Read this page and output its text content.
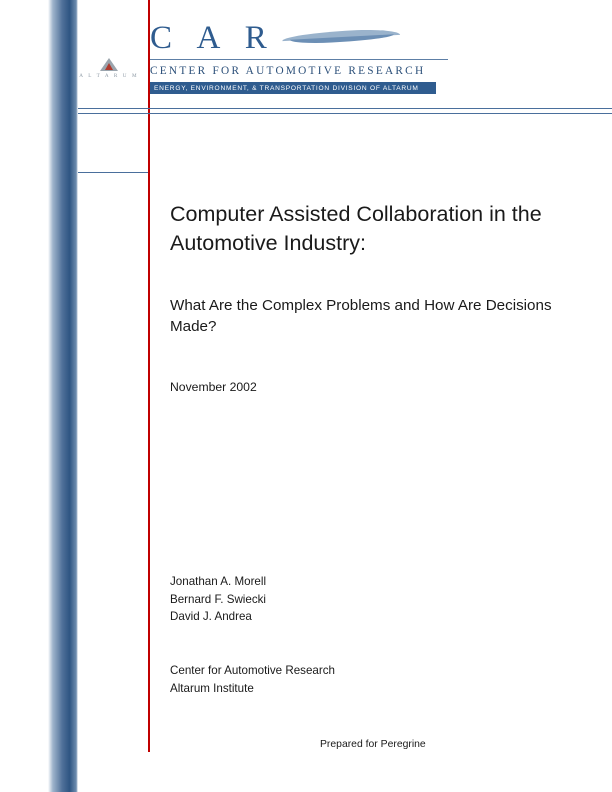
A L T A R U M
C A R
CENTER FOR AUTOMOTIVE RESEARCH
ENERGY, ENVIRONMENT, & TRANSPORTATION DIVISION OF ALTARUM
Computer Assisted Collaboration in the Automotive Industry:
What Are the Complex Problems and How Are Decisions Made?
November 2002
Jonathan A. Morell
Bernard F. Swiecki
David J. Andrea
Center for Automotive Research
Altarum Institute
Prepared for Peregrine
